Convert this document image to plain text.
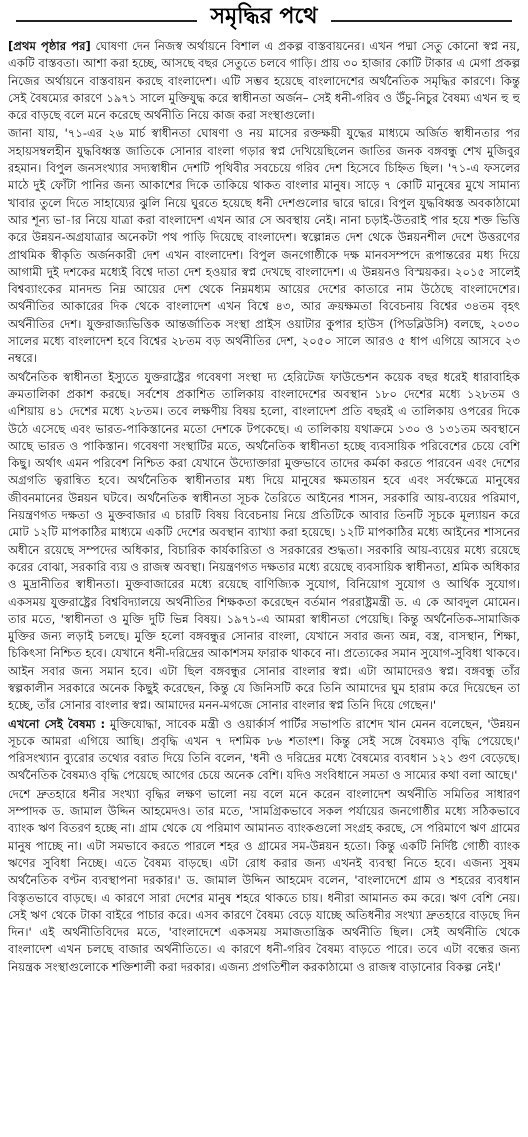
সমৃদ্ধির পথে

[প্রথম পৃষ্ঠার পর] ঘোষণা দেন নিজস্ব অর্থায়নে বিশাল এ প্রকল্প বাস্তবায়নের। এখন পদ্মা সেতু কোনো স্বপ্ন নয়, একটি বাস্তবতা। আশা করা হচ্ছে, আসছে বছর সেতুতে চলবে গাড়ি। প্রায় ৩০ হাজার কোটি টাকার এ মেগা প্রকল্প নিজের অর্থায়নে বাস্তবায়ন করছে বাংলাদেশ। এটি সম্ভব হয়েছে বাংলাদেশের অর্থনৈতিক সমৃদ্ধির কারণে। কিন্তু সেই বৈষম্যের কারণে ১৯৭১ সালে মুক্তিযুদ্ধ করে স্বাধীনতা অর্জন– সেই ধনী-গরিব ও উঁচু-নিচুর বৈষম্য এখন হু হু করে বাড়ছে বলে মনে করেছে অর্থনীতি নিয়ে কাজ করা সংস্থাগুলো।

জানা যায়, '৭১-এর ২৬ মার্চ স্বাধীনতা ঘোষণা ও নয় মাসের রক্তক্ষয়ী যুদ্ধের মাধ্যমে অর্জিত স্বাধীনতার পর সহায়সম্বলহীন যুদ্ধবিধ্বস্ত জাতিকে সোনার বাংলা গড়ার স্বপ্ন দেখিয়েছিলেন জাতির জনক বঙ্গবন্ধু শেখ মুজিবুর রহমান। বিপুল জনসংখ্যার সদ্যস্বাধীন দেশটি পৃথিবীর সবচেয়ে গরিব দেশ হিসেবে চিহ্নিত ছিল। '৭১-এ ফসলের মাঠে দুই ফোঁটা পানির জন্য আকাশের দিকে তাকিয়ে থাকত বাংলার মানুষ। সাড়ে ৭ কোটি মানুষের মুখে সামান্য খাবার তুলে দিতে সাহায্যের ঝুলি নিয়ে ঘুরতে হয়েছে ধনী দেশগুলোর দ্বারে দ্বারে। বিপুল যুদ্ধবিধ্বস্ত অবকাঠামো আর শূন্য ভা-ার নিয়ে যাত্রা করা বাংলাদেশ এখন আর সে অবস্থায় নেই। নানা চড়াই-উতরাই পার হয়ে শক্ত ভিত্তি করে উন্নয়ন-অগ্রযাত্রার অনেকটা পথ পাড়ি দিয়েছে বাংলাদেশ। স্বল্পোন্নত দেশ থেকে উন্নয়নশীল দেশে উত্তরণের প্রাথমিক স্বীকৃতি অর্জনকারী দেশ এখন বাংলাদেশ। বিপুল জনগোষ্ঠীকে দক্ষ মানবসম্পদে রূপান্তরের মধ্য দিয়ে আগামী দুই দশকের মধ্যেই বিশ্বে দাতা দেশ হওয়ার স্বপ্ন দেখছে বাংলাদেশ। এ উন্নয়নও বিস্ময়কর। ২০১৫ সালেই বিশ্বব্যাংকের মানদন্ড নিম্ন আয়ের দেশ থেকে নিম্নমধ্যম আয়ের দেশের কাতারে নাম উঠেছে বাংলাদেশের। অর্থনীতির আকারের দিক থেকে বাংলাদেশ এখন বিশ্বে ৪৩, আর ক্রয়ক্ষমতা বিবেচনায় বিশ্বের ৩৪তম বৃহৎ অর্থনীতির দেশ। যুক্তরাজ্যভিত্তিক আন্তর্জাতিক সংস্থা প্রাইস ওয়াটার কুপার হাউস (পিডব্লিউসি) বলছে, ২০৩০ সালের মধ্যে বাংলাদেশ হবে বিশ্বের ২৮তম বড় অর্থনীতির দেশ, ২০৫০ সালে আরও ৫ ধাপ এগিয়ে আসবে ২৩ নম্বরে।

অর্থনৈতিক স্বাধীনতা ইস্যুতে যুক্তরাষ্ট্রের গবেষণা সংস্থা দ্য হেরিটেজ ফাউন্ডেশন কয়েক বছর ধরেই ধারাবাহিক ক্রমতালিকা প্রকাশ করছে। সর্বশেষ প্রকাশিত তালিকায় বাংলাদেশের অবস্থান ১৮০ দেশের মধ্যে ১২৮তম ও এশিয়ায় ৪১ দেশের মধ্যে ২৮তম। তবে লক্ষণীয় বিষয় হলো, বাংলাদেশ প্রতি বছরই এ তালিকায় ওপরের দিকে উঠে এসেছে এবং ভারত-পাকিস্তানের মতো দেশকে টপকেছে। এ তালিকায় যথাক্রমে ১৩০ ও ১৩১তম অবস্থানে আছে ভারত ও পাকিস্তান। গবেষণা সংস্থাটির মতে, অর্থনৈতিক স্বাধীনতা হচ্ছে ব্যবসায়িক পরিবেশের চেয়ে বেশি কিছু। অর্থাৎ এমন পরিবেশ নিশ্চিত করা যেখানে উদ্যোক্তারা মুক্তভাবে তাদের কর্মকা করতে পারবেন এবং দেশের অগ্রগতি ত্বরান্বিত হবে। অর্থনৈতিক স্বাধীনতার মধ্য দিয়ে মানুষের ক্ষমতায়ন হবে এবং সর্বক্ষেত্রে মানুষের জীবনমানের উন্নয়ন ঘটবে। অর্থনৈতিক স্বাধীনতা সূচক তৈরিতে আইনের শাসন, সরকারি আয়-ব্যয়ের পরিমাণ, নিয়ন্ত্রণগত দক্ষতা ও মুক্তবাজার এ চারটি বিষয় বিবেচনায় নিয়ে প্রতিটিকে আবার তিনটি সূচকে মূল্যায়ন করে মোট ১২টি মাপকাঠির মাধ্যমে একটি দেশের অবস্থান ব্যাখ্যা করা হয়েছে। ১২টি মাপকাঠির মধ্যে আইনের শাসনের অধীনে রয়েছে সম্পদের অধিকার, বিচারিক কার্যকারিতা ও সরকারের শুদ্ধতা। সরকারি আয়-ব্যয়ের মধ্যে রয়েছে করের বোঝা, সরকারি ব্যয় ও রাজস্ব অবস্থা। নিয়ন্ত্রণগত দক্ষতার মধ্যে রয়েছে ব্যবসায়িক স্বাধীনতা, শ্রমিক অধিকার ও মুদ্রানীতির স্বাধীনতা। মুক্তবাজারের মধ্যে রয়েছে বাণিজ্যিক সুযোগ, বিনিয়োগ সুযোগ ও আর্থিক সুযোগ। একসময় যুক্তরাষ্ট্রের বিশ্ববিদ্যালয়ে অর্থনীতির শিক্ষকতা করেছেন বর্তমান পররাষ্ট্রমন্ত্রী ড. এ কে আবদুল মোমেন। তার মতে, 'স্বাধীনতা ও মুক্তি দুটি ভিন্ন বিষয়। ১৯৭১-এ আমরা স্বাধীনতা পেয়েছি। কিন্তু অর্থনৈতিক-সামাজিক মুক্তির জন্য লড়াই চলছে। মুক্তি হলো বঙ্গবন্ধুর সোনার বাংলা, যেখানে সবার জন্য অন্ন, বস্ত্র, বাসস্থান, শিক্ষা, চিকিৎসা নিশ্চিত হবে। যেখানে ধনী-দরিদ্রের আকাশসম ফারাক থাকবে না। প্রত্যেকের সমান সুযোগ-সুবিধা থাকবে। আইন সবার জন্য সমান হবে। এটা ছিল বঙ্গবন্ধুর সোনার বাংলার স্বপ্ন। এটা আমাদেরও স্বপ্ন। বঙ্গবন্ধু তাঁর স্বল্পকালীন সরকারে অনেক কিছুই করেছেন, কিন্তু যে জিনিসটি করে তিনি আমাদের ঘুম হারাম করে দিয়েছেন তা হচ্ছে, তাঁর সোনার বাংলার স্বপ্ন। আমাদের মনন-মগজে সোনার বাংলার স্বপ্ন তিনি দিয়ে গেছেন।'

এখনো সেই বৈষম্য : মুক্তিযোদ্ধা, সাবেক মন্ত্রী ও ওয়ার্কার্স পার্টির সভাপতি রাশেদ খান মেনন বলেছেন, 'উন্নয়ন সূচকে আমরা এগিয়ে আছি। প্রবৃদ্ধি এখন ৭ দশমিক ৮৬ শতাংশ। কিন্তু সেই সঙ্গে বৈষম্যও বৃদ্ধি পেয়েছে।' পরিসংখ্যান ব্যুরোর তথ্যের বরাত দিয়ে তিনি বলেন, 'ধনী ও দরিদ্রের মধ্যে বৈষম্যের ব্যবধান ১২১ গুণ বেড়েছে। অর্থনৈতিক বৈষম্যও বৃদ্ধি পেয়েছে আগের চেয়ে অনেক বেশি। যদিও সংবিধানে সমতা ও সাম্যের কথা বলা আছে।'

দেশে দ্রুতহারে ধনীর সংখ্যা বৃদ্ধির লক্ষণ ভালো নয় বলে মনে করেন বাংলাদেশ অর্থনীতি সমিতির সাধারণ সম্পাদক ড. জামাল উদ্দিন আহমেদও। তার মতে, 'সামগ্রিকভাবে সকল পর্যায়ের জনগোষ্ঠীর মধ্যে সঠিকভাবে ব্যাংক ঋণ বিতরণ হচ্ছে না। গ্রাম থেকে যে পরিমাণ আমানত ব্যাংকগুলো সংগ্রহ করছে, সে পরিমাণে ঋণ গ্রামের মানুষ পাচ্ছে না। এটা সমভাবে করতে পারলে শহর ও গ্রামের সম-উন্নয়ন হতো। কিন্তু একটি নির্দিষ্ট গোষ্ঠী ব্যাংক ঋণের সুবিধা নিচ্ছে। এতে বৈষম্য বাড়ছে। এটা রোধ করার জন্য এখনই ব্যবস্থা নিতে হবে। এজন্য সুষম অর্থনৈতিক বণ্টন ব্যবস্থাপনা দরকার।' ড. জামাল উদ্দিন আহমেদ বলেন, 'বাংলাদেশে গ্রাম ও শহরের ব্যবধান বিস্তৃতভাবে বাড়ছে। এ কারণে সারা দেশের মানুষ শহরে থাকতে চায়। ধনীরা আমানত কম করে। ঋণ বেশি নেয়। সেই ঋণ থেকে টাকা বাইরে পাচার করে। এসব কারণে বৈষম্য বেড়ে যাচ্ছে অতিধনীর সংখ্যা দ্রুতহারে বাড়ছে দিন দিন।' এই অর্থনীতিবিদের মতে, 'বাংলাদেশে একসময় সমাজতান্ত্রিক অর্থনীতি ছিল। সেই অর্থনীতি থেকে বাংলাদেশ এখন চলছে বাজার অর্থনীতিতে। এ কারণে ধনী-গরিব বৈষম্য বাড়তে পারে। তবে এটা বন্ধের জন্য নিয়ন্ত্রক সংস্থাগুলোকে শক্তিশালী করা দরকার। এজন্য প্রগতিশীল করকাঠামো ও রাজস্ব বাড়ানোর বিকল্প নেই।'
